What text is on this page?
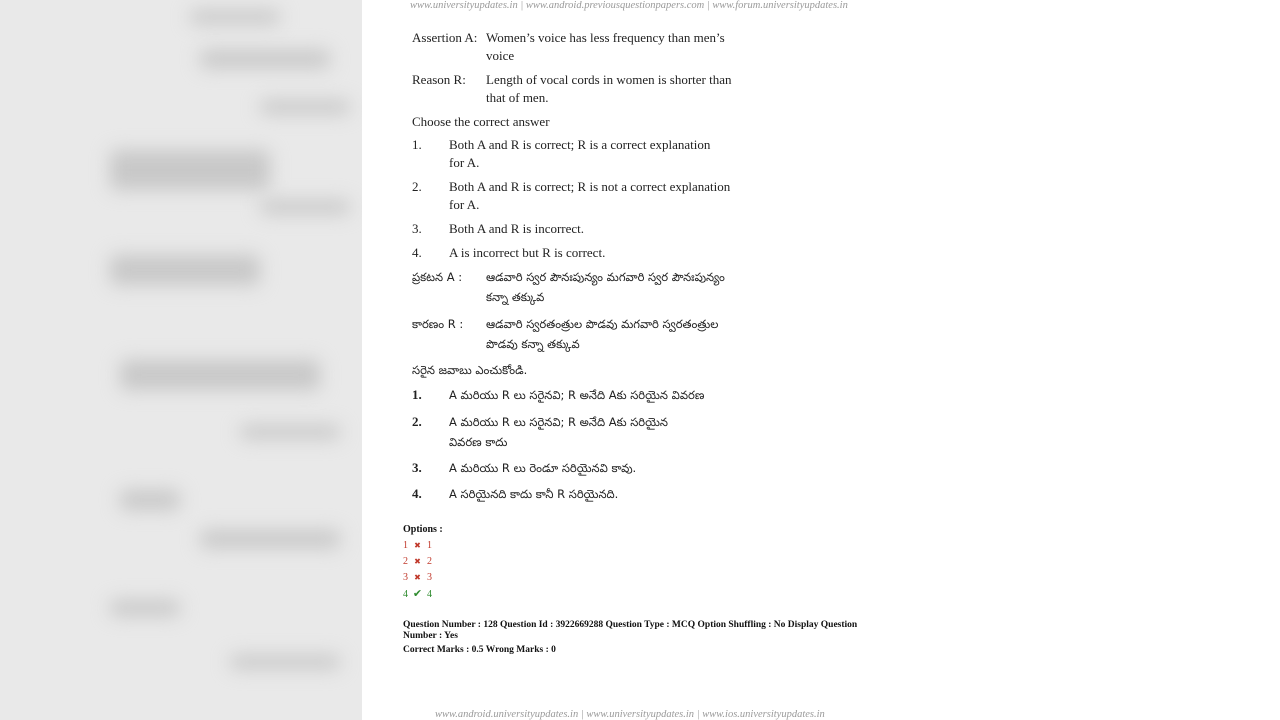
www.universityupdates.in | www.android.previousquestionpapers.com | www.forum.universityupdates.in
Assertion A: Women’s voice has less frequency than men’s
voice
Reason R: Length of vocal cords in women is shorter than
that of men.
Choose the correct answer
1. Both A and R is correct; R is a correct explanation
for A.
2. Both A and R is correct; R is not a correct explanation
for A.
3. Both A and R is incorrect.
4. A is incorrect but R is correct.
ప్రకటన A : ఆడవారి స్వర పౌనఃపున్యం మగవారి స్వర పౌనఃపున్యం
కన్నా తక్కువ
కారణం R : ఆడవారి స్వరతంత్రుల పొడవు మగవారి స్వరతంత్రుల
పొడవు కన్నా తక్కువ
సరైన జవాబు ఎంచుకోండి.
1. A మరియు R లు సరైనవి; R అనేది Aకు సరియైన వివరణ
2. A మరియు R లు సరైనవి; R అనేది Aకు సరియైన
వివరణ కాదు
3. A మరియు R లు రెండూ సరియైనవి కావు.
4. A సరియైనది కాదు కానీ R సరియైనది.
Options :
1 ✖ 1
2 ✖ 2
3 ✖ 3
4 ✔ 4
Question Number : 128 Question Id : 3922669288 Question Type : MCQ Option Shuffling : No Display Question
Number : Yes
Correct Marks : 0.5 Wrong Marks : 0
www.android.universityupdates.in | www.universityupdates.in | www.ios.universityupdates.in
